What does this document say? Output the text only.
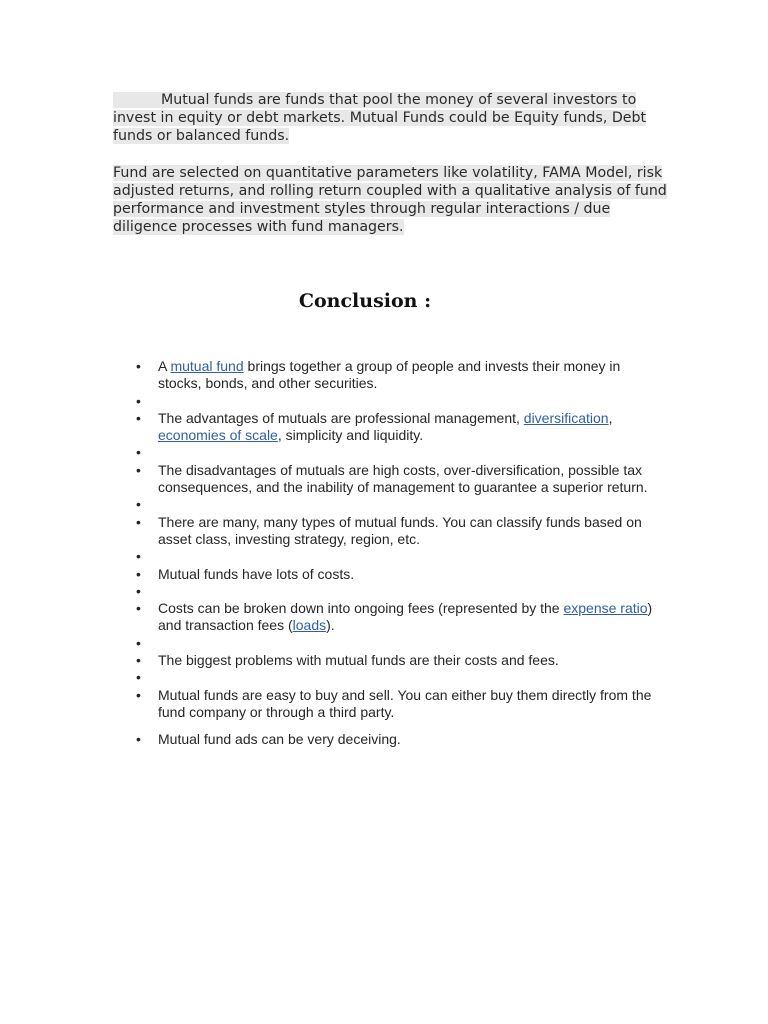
Mutual funds are funds that pool the money of several investors to invest in equity or debt markets. Mutual Funds could be Equity funds, Debt funds or balanced funds.

Fund are selected on quantitative parameters like volatility, FAMA Model, risk adjusted returns, and rolling return coupled with a qualitative analysis of fund performance and investment styles through regular interactions / due diligence processes with fund managers.

Conclusion :
• A mutual fund brings together a group of people and invests their money in stocks, bonds, and other securities.
•
• The advantages of mutuals are professional management, diversification, economies of scale, simplicity and liquidity.
•
• The disadvantages of mutuals are high costs, over-diversification, possible tax consequences, and the inability of management to guarantee a superior return.
•
• There are many, many types of mutual funds. You can classify funds based on asset class, investing strategy, region, etc.
•
• Mutual funds have lots of costs.
•
• Costs can be broken down into ongoing fees (represented by the expense ratio) and transaction fees (loads).
•
• The biggest problems with mutual funds are their costs and fees.
•
• Mutual funds are easy to buy and sell. You can either buy them directly from the fund company or through a third party.
• Mutual fund ads can be very deceiving.
